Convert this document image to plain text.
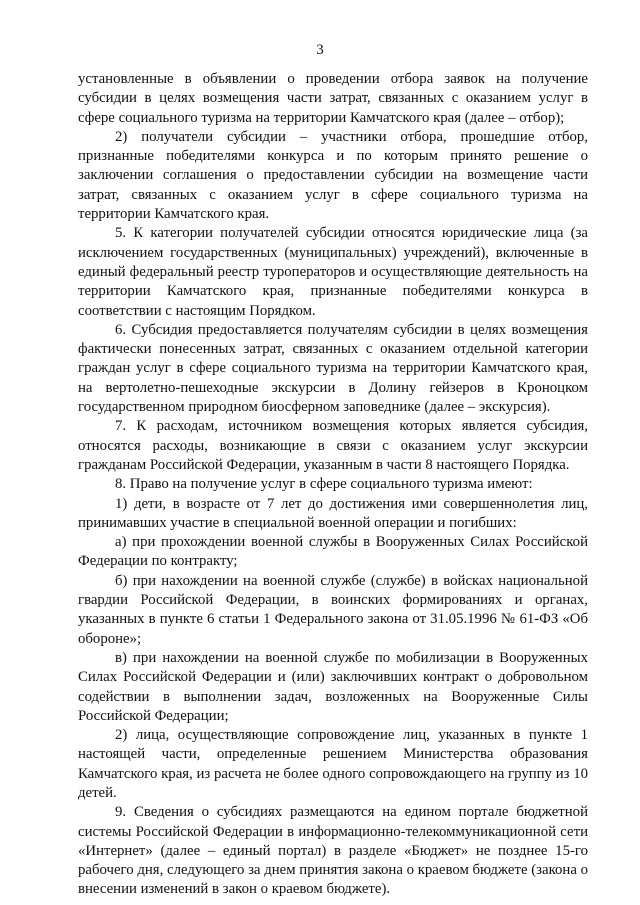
3

установленные в объявлении о проведении отбора заявок на получение субсидии в целях возмещения части затрат, связанных с оказанием услуг в сфере социального туризма на территории Камчатского края (далее – отбор);

2) получатели субсидии – участники отбора, прошедшие отбор, признанные победителями конкурса и по которым принято решение о заключении соглашения о предоставлении субсидии на возмещение части затрат, связанных с оказанием услуг в сфере социального туризма на территории Камчатского края.

5. К категории получателей субсидии относятся юридические лица (за исключением государственных (муниципальных) учреждений), включенные в единый федеральный реестр туроператоров и осуществляющие деятельность на территории Камчатского края, признанные победителями конкурса в соответствии с настоящим Порядком.

6. Субсидия предоставляется получателям субсидии в целях возмещения фактически понесенных затрат, связанных с оказанием отдельной категории граждан услуг в сфере социального туризма на территории Камчатского края, на вертолетно-пешеходные экскурсии в Долину гейзеров в Кроноцком государственном природном биосферном заповеднике (далее – экскурсия).

7. К расходам, источником возмещения которых является субсидия, относятся расходы, возникающие в связи с оказанием услуг экскурсии гражданам Российской Федерации, указанным в части 8 настоящего Порядка.

8. Право на получение услуг в сфере социального туризма имеют:

1) дети, в возрасте от 7 лет до достижения ими совершеннолетия лиц, принимавших участие в специальной военной операции и погибших:

а) при прохождении военной службы в Вооруженных Силах Российской Федерации по контракту;

б) при нахождении на военной службе (службе) в войсках национальной гвардии Российской Федерации, в воинских формированиях и органах, указанных в пункте 6 статьи 1 Федерального закона от 31.05.1996 № 61-ФЗ «Об обороне»;

в) при нахождении на военной службе по мобилизации в Вооруженных Силах Российской Федерации и (или) заключивших контракт о добровольном содействии в выполнении задач, возложенных на Вооруженные Силы Российской Федерации;

2) лица, осуществляющие сопровождение лиц, указанных в пункте 1 настоящей части, определенные решением Министерства образования Камчатского края, из расчета не более одного сопровождающего на группу из 10 детей.

9. Сведения о субсидиях размещаются на едином портале бюджетной системы Российской Федерации в информационно-телекоммуникационной сети «Интернет» (далее – единый портал) в разделе «Бюджет» не позднее 15-го рабочего дня, следующего за днем принятия закона о краевом бюджете (закона о внесении изменений в закон о краевом бюджете).
